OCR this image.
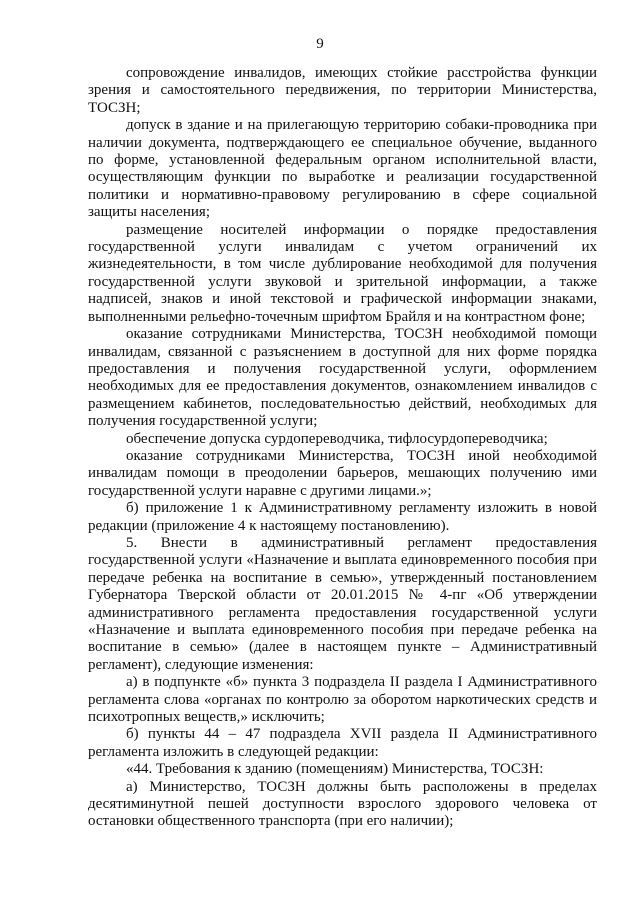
9

сопровождение инвалидов, имеющих стойкие расстройства функции зрения и самостоятельного передвижения, по территории Министерства, ТОСЗН;

допуск в здание и на прилегающую территорию собаки-проводника при наличии документа, подтверждающего ее специальное обучение, выданного по форме, установленной федеральным органом исполнительной власти, осуществляющим функции по выработке и реализации государственной политики и нормативно-правовому регулированию в сфере социальной защиты населения;

размещение носителей информации о порядке предоставления государственной услуги инвалидам с учетом ограничений их жизнедеятельности, в том числе дублирование необходимой для получения государственной услуги звуковой и зрительной информации, а также надписей, знаков и иной текстовой и графической информации знаками, выполненными рельефно-точечным шрифтом Брайля и на контрастном фоне;

оказание сотрудниками Министерства, ТОСЗН необходимой помощи инвалидам, связанной с разъяснением в доступной для них форме порядка предоставления и получения государственной услуги, оформлением необходимых для ее предоставления документов, ознакомлением инвалидов с размещением кабинетов, последовательностью действий, необходимых для получения государственной услуги;

обеспечение допуска сурдопереводчика, тифлосурдопереводчика;

оказание сотрудниками Министерства, ТОСЗН иной необходимой инвалидам помощи в преодолении барьеров, мешающих получению ими государственной услуги наравне с другими лицами.»;

б) приложение 1 к Административному регламенту изложить в новой редакции (приложение 4 к настоящему постановлению).

5. Внести в административный регламент предоставления государственной услуги «Назначение и выплата единовременного пособия при передаче ребенка на воспитание в семью», утвержденный постановлением Губернатора Тверской области от 20.01.2015 № 4-пг «Об утверждении административного регламента предоставления государственной услуги «Назначение и выплата единовременного пособия при передаче ребенка на воспитание в семью» (далее в настоящем пункте – Административный регламент), следующие изменения:

а) в подпункте «б» пункта 3 подраздела II раздела I Административного регламента слова «органах по контролю за оборотом наркотических средств и психотропных веществ,» исключить;

б) пункты 44 – 47 подраздела XVII раздела II Административного регламента изложить в следующей редакции:

«44. Требования к зданию (помещениям) Министерства, ТОСЗН:

а) Министерство, ТОСЗН должны быть расположены в пределах десятиминутной пешей доступности взрослого здорового человека от остановки общественного транспорта (при его наличии);
